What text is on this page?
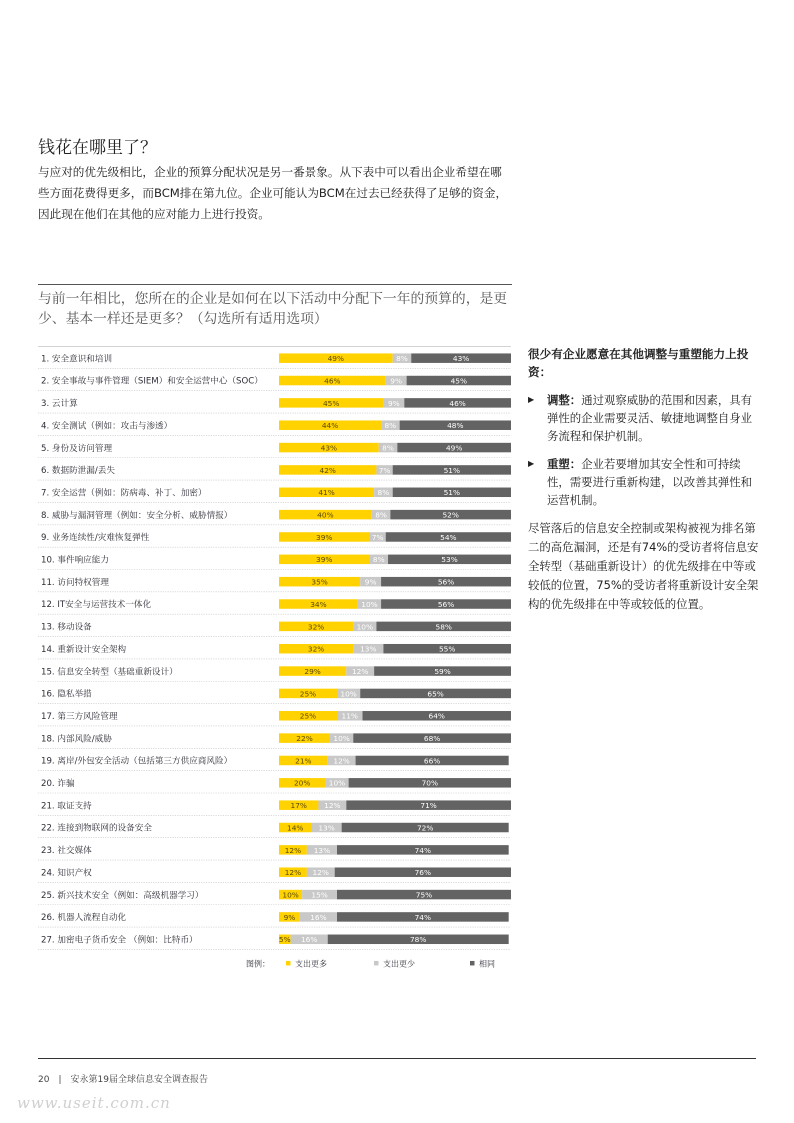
钱花在哪里了？

与应对的优先级相比，企业的预算分配状况是另一番景象。从下表中可以看出企业希望在哪些方面花费得更多，而BCM排在第九位。企业可能认为BCM在过去已经获得了足够的资金，因此现在他们在其他的应对能力上进行投资。

与前一年相比，您所在的企业是如何在以下活动中分配下一年的预算的，是更少、基本一样还是更多？（勾选所有适用选项）

1. 安全意识和培训	49%	8%	43%
2. 安全事故与事件管理（SIEM）和安全运营中心（SOC）	46%	9%	45%
3. 云计算	45%	9%	46%
4. 安全测试（例如：攻击与渗透）	44%	8%	48%
5. 身份及访问管理	43%	8%	49%
6. 数据防泄漏/丢失	42%	7%	51%
7. 安全运营（例如：防病毒、补丁、加密）	41%	8%	51%
8. 威胁与漏洞管理（例如：安全分析、威胁情报）	40%	8%	52%
9. 业务连续性/灾难恢复弹性	39%	7%	54%
10. 事件响应能力	39%	8%	53%
11. 访问特权管理	35%	9%	56%
12. IT安全与运营技术一体化	34%	10%	56%
13. 移动设备	32%	10%	58%
14. 重新设计安全架构	32%	13%	55%
15. 信息安全转型（基础重新设计）	29%	12%	59%
16. 隐私举措	25%	10%	65%
17. 第三方风险管理	25%	11%	64%
18. 内部风险/威胁	22%	10%	68%
19. 离岸/外包安全活动（包括第三方供应商风险）	21%	12%	66%
20. 诈骗	20% 10%	70%
21. 取证支持	17% 12%	71%
22. 连接到物联网的设备安全	14% 13%	72%
23. 社交媒体	12% 13%	74%
24. 知识产权	12% 12%	76%
25. 新兴技术安全（例如：高级机器学习）	10% 15%	75%
26. 机器人流程自动化	9% 16%	74%
27. 加密电子货币安全 （例如：比特币）	5% 16%	78%
图例：	支出更多	支出更少	相同
很少有企业愿意在其他调整与重塑能力上投资：
▶ 调整：通过观察威胁的范围和因素，具有弹性的企业需要灵活、敏捷地调整自身业务流程和保护机制。
▶ 重塑：企业若要增加其安全性和可持续性，需要进行重新构建，以改善其弹性和运营机制。

尽管落后的信息安全控制或架构被视为排名第二的高危漏洞，还是有74%的受访者将信息安全转型（基础重新设计）的优先级排在中等或较低的位置，75%的受访者将重新设计安全架构的优先级排在中等或较低的位置。

20 | 安永第19届全球信息安全调查报告
www.useit.com.cn
